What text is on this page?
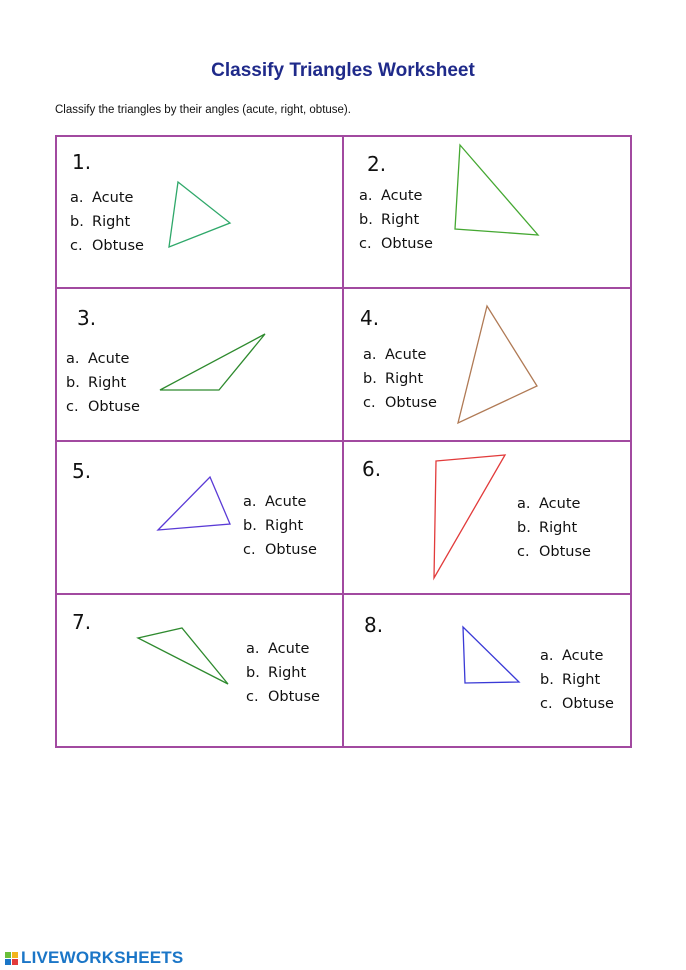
Classify Triangles Worksheet
Classify the triangles by their angles (acute, right, obtuse).
1.
a. Acute
b. Right
c. Obtuse
2.
a. Acute
b. Right
c. Obtuse
3.
a. Acute
b. Right
c. Obtuse
4.
a. Acute
b. Right
c. Obtuse
5.
a. Acute
b. Right
c. Obtuse
6.
a. Acute
b. Right
c. Obtuse
7.
a. Acute
b. Right
c. Obtuse
8.
a. Acute
b. Right
c. Obtuse
LIVEWORKSHEETS
